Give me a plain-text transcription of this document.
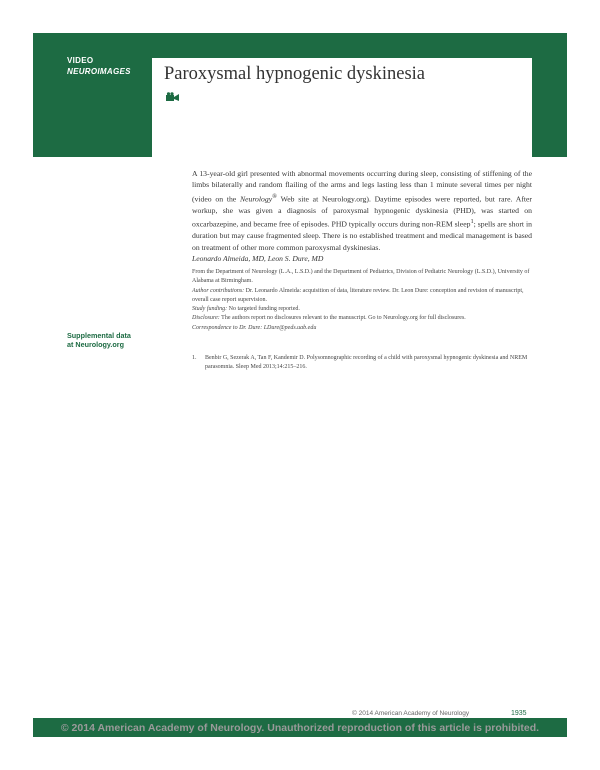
VIDEO
NEUROIMAGES Paroxysmal hypnogenic dyskinesia

A 13-year-old girl presented with abnormal movements occurring during sleep, consisting of stiffening of the limbs bilaterally and random flailing of the arms and legs lasting less than 1 minute several times per night (video on the Neurology® Web site at Neurology.org). Daytime episodes were reported, but rare. After workup, she was given a diagnosis of paroxysmal hypnogenic dyskinesia (PHD), was started on oxcarbazepine, and became free of episodes. PHD typically occurs during non-REM sleep$^1$; spells are short in duration but may cause fragmented sleep. There is no established treatment and medical management is based on treatment of other more common paroxysmal dyskinesias.

Leonardo Almeida, MD, Leon S. Dure, MD

From the Department of Neurology (L.A., L.S.D.) and the Department of Pediatrics, Division of Pediatric Neurology (L.S.D.), University of Alabama at Birmingham.

Author contributions: Dr. Leonardo Almeida: acquisition of data, literature review. Dr. Leon Dure: conception and revision of manuscript, overall case report supervision.

Study funding: No targeted funding reported.

Disclosure: The authors report no disclosures relevant to the manuscript. Go to Neurology.org for full disclosures.

Correspondence to Dr. Dure: LDure@peds.uab.edu

Supplemental data
at Neurology.org
1. Benbir G, Sezerak A, Tan F, Kandemir D. Polysomnographic recording of a child with paroxysmal hypnogenic dyskinesia and NREM parasomnia. Sleep Med 2013;14:215–216.
© 2014 American Academy of Neurology	1935
© 2014 American Academy of Neurology. Unauthorized reproduction of this article is prohibited.
